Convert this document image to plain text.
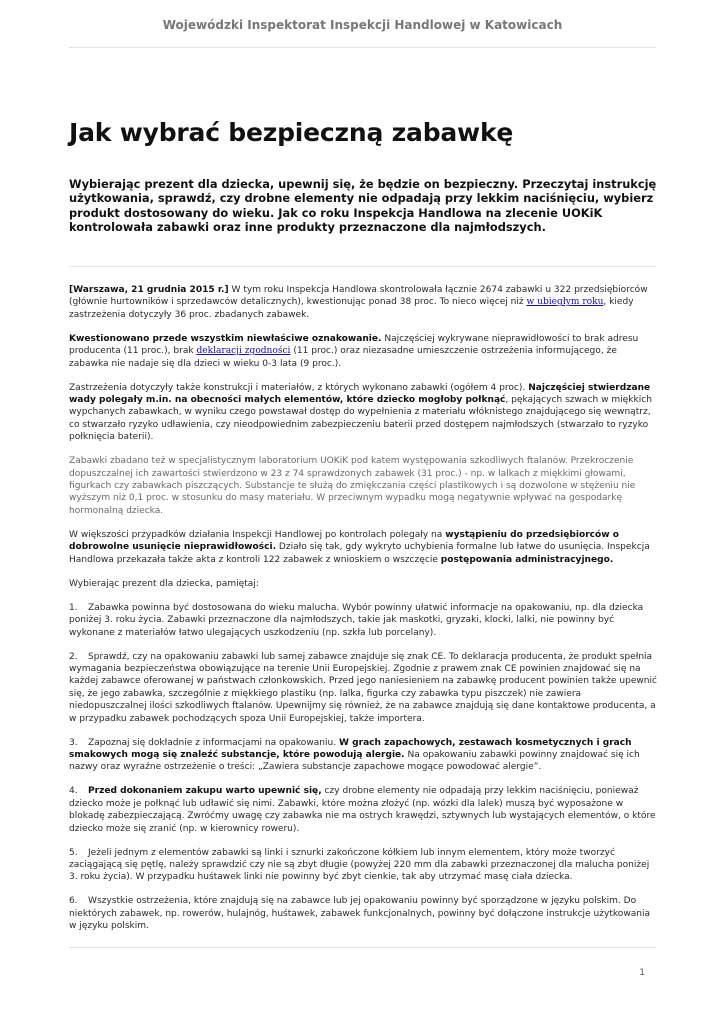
Wojewódzki Inspektorat Inspekcji Handlowej w Katowicach
Jak wybrać bezpieczną zabawkę

Wybierając prezent dla dziecka, upewnij się, że będzie on bezpieczny. Przeczytaj instrukcję użytkowania, sprawdź, czy drobne elementy nie odpadają przy lekkim naciśnięciu, wybierz produkt dostosowany do wieku. Jak co roku Inspekcja Handlowa na zlecenie UOKiK kontrolowała zabawki oraz inne produkty przeznaczone dla najmłodszych.

[Warszawa, 21 grudnia 2015 r.] W tym roku Inspekcja Handlowa skontrolowała łącznie 2674 zabawki u 322 przedsiębiorców (głównie hurtowników i sprzedawców detalicznych), kwestionując ponad 38 proc. To nieco więcej niż w ubiegłym roku, kiedy zastrzeżenia dotyczyły 36 proc. zbadanych zabawek.

Kwestionowano przede wszystkim niewłaściwe oznakowanie. Najczęściej wykrywane nieprawidłowości to brak adresu producenta (11 proc.), brak deklaracji zgodności (11 proc.) oraz niezasadne umieszczenie ostrzeżenia informującego, że zabawka nie nadaje się dla dzieci w wieku 0-3 lata (9 proc.).

Zastrzeżenia dotyczyły także konstrukcji i materiałów, z których wykonano zabawki (ogółem 4 proc). Najczęściej stwierdzane wady polegały m.in. na obecności małych elementów, które dziecko mogłoby połknąć, pękających szwach w miękkich wypchanych zabawkach, w wyniku czego powstawał dostęp do wypełnienia z materiału włóknistego znajdującego się wewnątrz, co stwarzało ryzyko udławienia, czy nieodpowiednim zabezpieczeniu baterii przed dostępem najmłodszych (stwarzało to ryzyko połknięcia baterii).

Zabawki zbadano też w specjalistycznym laboratorium UOKiK pod katem występowania szkodliwych ftalanów. Przekroczenie dopuszczalnej ich zawartości stwierdzono w 23 z 74 sprawdzonych zabawek (31 proc.) - np. w lalkach z miękkimi głowami, figurkach czy zabawkach piszczących. Substancje te służą do zmiękczania części plastikowych i są dozwolone w stężeniu nie wyższym niż 0,1 proc. w stosunku do masy materiału. W przeciwnym wypadku mogą negatywnie wpływać na gospodarkę hormonalną dziecka.

W większości przypadków działania Inspekcji Handlowej po kontrolach polegały na wystąpieniu do przedsiębiorców o dobrowolne usunięcie nieprawidłowości. Działo się tak, gdy wykryto uchybienia formalne lub łatwe do usunięcia. Inspekcja Handlowa przekazała także akta z kontroli 122 zabawek z wnioskiem o wszczęcie postępowania administracyjnego.

Wybierając prezent dla dziecka, pamiętaj:

1. Zabawka powinna być dostosowana do wieku malucha. Wybór powinny ułatwić informacje na opakowaniu, np. dla dziecka poniżej 3. roku życia. Zabawki przeznaczone dla najmłodszych, takie jak maskotki, gryzaki, klocki, lalki, nie powinny być wykonane z materiałów łatwo ulegających uszkodzeniu (np. szkła lub porcelany).

2. Sprawdź, czy na opakowaniu zabawki lub samej zabawce znajduje się znak CE. To deklaracja producenta, że produkt spełnia wymagania bezpieczeństwa obowiązujące na terenie Unii Europejskiej. Zgodnie z prawem znak CE powinien znajdować się na każdej zabawce oferowanej w państwach członkowskich. Przed jego naniesieniem na zabawkę producent powinien także upewnić się, że jego zabawka, szczególnie z miękkiego plastiku (np. lalka, figurka czy zabawka typu piszczek) nie zawiera niedopuszczalnej ilości szkodliwych ftalanów. Upewnijmy się również, że na zabawce znajdują się dane kontaktowe producenta, a w przypadku zabawek pochodzących spoza Unii Europejskiej, także importera.

3. Zapoznaj się dokładnie z informacjami na opakowaniu. W grach zapachowych, zestawach kosmetycznych i grach smakowych mogą się znaleźć substancje, które powodują alergie. Na opakowaniu zabawki powinny znajdować się ich nazwy oraz wyraźne ostrzeżenie o treści: „Zawiera substancje zapachowe mogące powodować alergie”.

4. Przed dokonaniem zakupu warto upewnić się, czy drobne elementy nie odpadają przy lekkim naciśnięciu, ponieważ dziecko może je połknąć lub udławić się nimi. Zabawki, które można złożyć (np. wózki dla lalek) muszą być wyposażone w blokadę zabezpieczającą. Zwróćmy uwagę czy zabawka nie ma ostrych krawędzi, sztywnych lub wystających elementów, o które dziecko może się zranić (np. w kierownicy roweru).

5. Jeżeli jednym z elementów zabawki są linki i sznurki zakończone kółkiem lub innym elementem, który może tworzyć zaciągającą się pętlę, należy sprawdzić czy nie są zbyt długie (powyżej 220 mm dla zabawki przeznaczonej dla malucha poniżej 3. roku życia). W przypadku huśtawek linki nie powinny być zbyt cienkie, tak aby utrzymać masę ciała dziecka.

6. Wszystkie ostrzeżenia, które znajdują się na zabawce lub jej opakowaniu powinny być sporządzone w języku polskim. Do niektórych zabawek, np. rowerów, hulajnóg, huśtawek, zabawek funkcjonalnych, powinny być dołączone instrukcje użytkowania w języku polskim.

1
